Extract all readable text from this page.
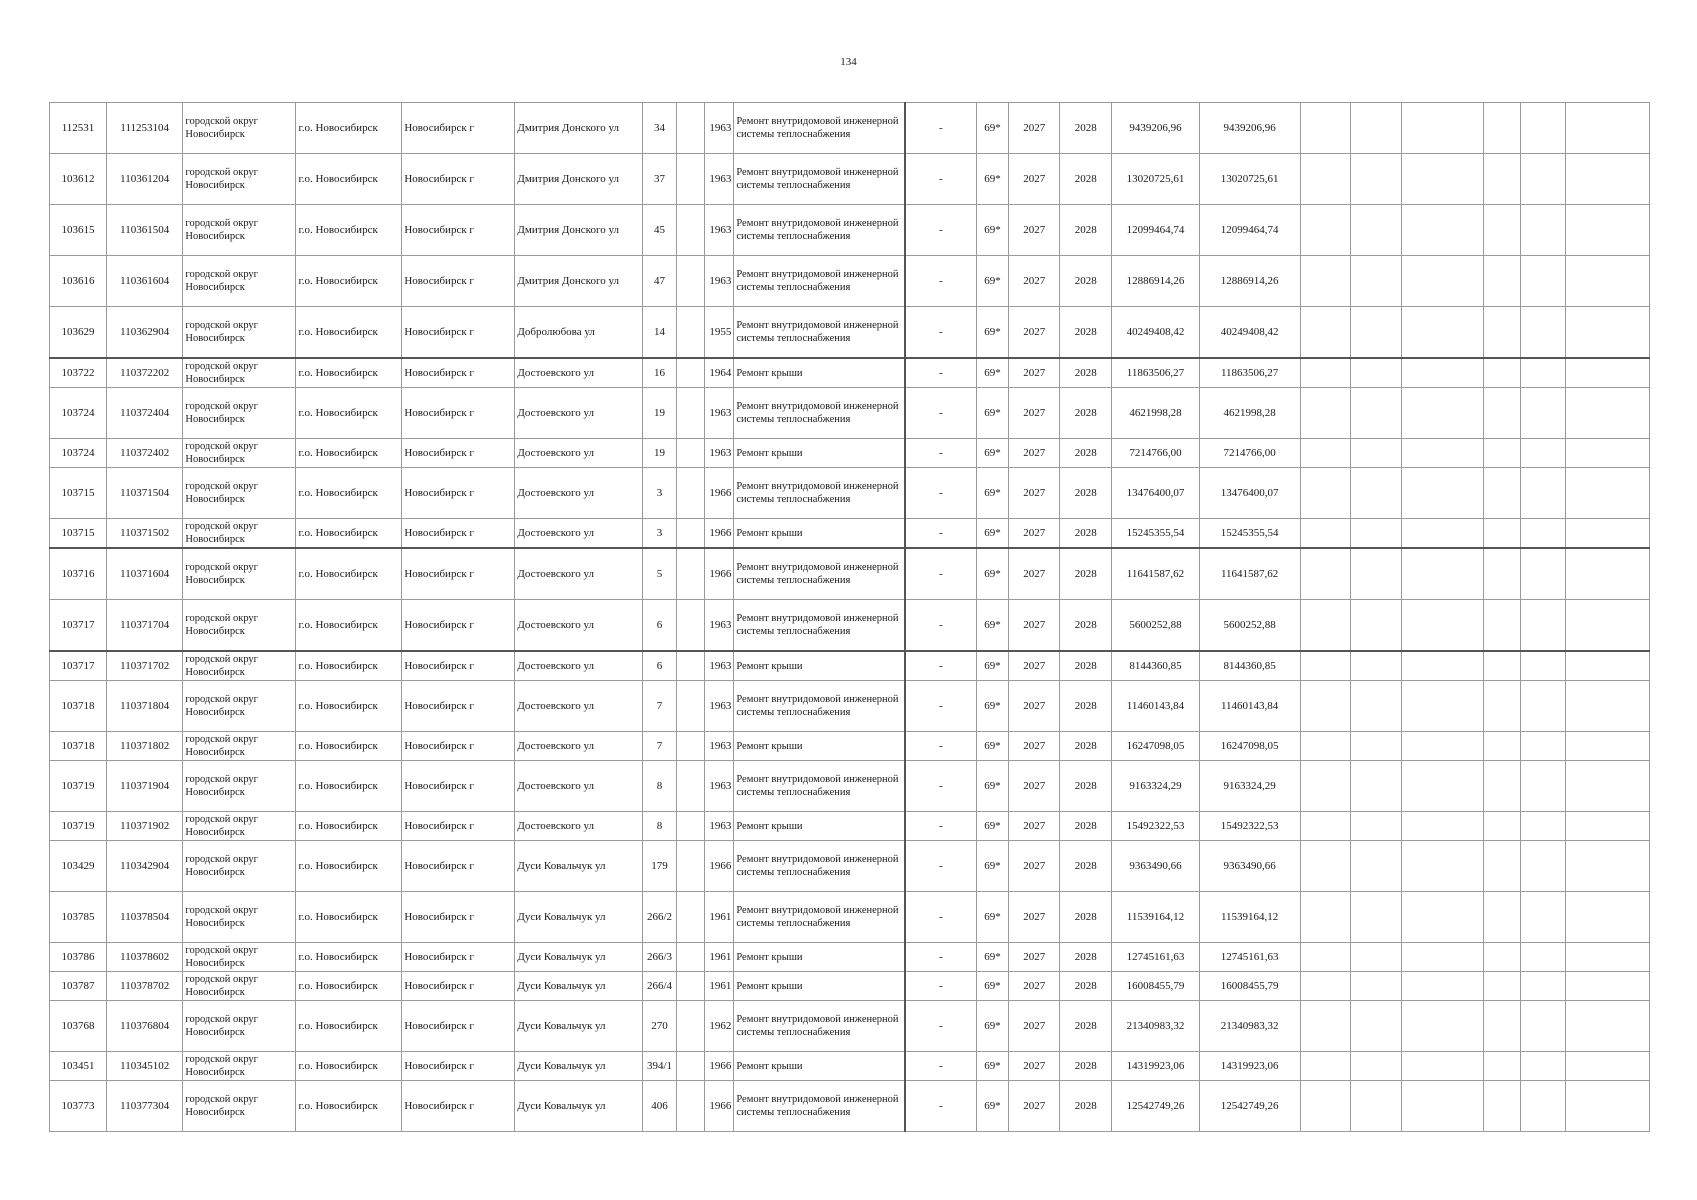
134
112531	111253104	городской округ Новосибирск	г.о. Новосибирск	Новосибирск г	Дмитрия Донского ул	34		1963	Ремонт внутридомовой инженерной системы теплоснабжения	-	69*	2027	2028	9439206,96	9439206,96						
103612	110361204	городской округ Новосибирск	г.о. Новосибирск	Новосибирск г	Дмитрия Донского ул	37		1963	Ремонт внутридомовой инженерной системы теплоснабжения	-	69*	2027	2028	13020725,61	13020725,61						
103615	110361504	городской округ Новосибирск	г.о. Новосибирск	Новосибирск г	Дмитрия Донского ул	45		1963	Ремонт внутридомовой инженерной системы теплоснабжения	-	69*	2027	2028	12099464,74	12099464,74						
103616	110361604	городской округ Новосибирск	г.о. Новосибирск	Новосибирск г	Дмитрия Донского ул	47		1963	Ремонт внутридомовой инженерной системы теплоснабжения	-	69*	2027	2028	12886914,26	12886914,26						
103629	110362904	городской округ Новосибирск	г.о. Новосибирск	Новосибирск г	Добролюбова ул	14		1955	Ремонт внутридомовой инженерной системы теплоснабжения	-	69*	2027	2028	40249408,42	40249408,42						
103722	110372202	городской округ Новосибирск	г.о. Новосибирск	Новосибирск г	Достоевского ул	16		1964	Ремонт крыши	-	69*	2027	2028	11863506,27	11863506,27						
103724	110372404	городской округ Новосибирск	г.о. Новосибирск	Новосибирск г	Достоевского ул	19		1963	Ремонт внутридомовой инженерной системы теплоснабжения	-	69*	2027	2028	4621998,28	4621998,28						
103724	110372402	городской округ Новосибирск	г.о. Новосибирск	Новосибирск г	Достоевского ул	19		1963	Ремонт крыши	-	69*	2027	2028	7214766,00	7214766,00						
103715	110371504	городской округ Новосибирск	г.о. Новосибирск	Новосибирск г	Достоевского ул	3		1966	Ремонт внутридомовой инженерной системы теплоснабжения	-	69*	2027	2028	13476400,07	13476400,07						
103715	110371502	городской округ Новосибирск	г.о. Новосибирск	Новосибирск г	Достоевского ул	3		1966	Ремонт крыши	-	69*	2027	2028	15245355,54	15245355,54						
103716	110371604	городской округ Новосибирск	г.о. Новосибирск	Новосибирск г	Достоевского ул	5		1966	Ремонт внутридомовой инженерной системы теплоснабжения	-	69*	2027	2028	11641587,62	11641587,62						
103717	110371704	городской округ Новосибирск	г.о. Новосибирск	Новосибирск г	Достоевского ул	6		1963	Ремонт внутридомовой инженерной системы теплоснабжения	-	69*	2027	2028	5600252,88	5600252,88						
103717	110371702	городской округ Новосибирск	г.о. Новосибирск	Новосибирск г	Достоевского ул	6		1963	Ремонт крыши	-	69*	2027	2028	8144360,85	8144360,85						
103718	110371804	городской округ Новосибирск	г.о. Новосибирск	Новосибирск г	Достоевского ул	7		1963	Ремонт внутридомовой инженерной системы теплоснабжения	-	69*	2027	2028	11460143,84	11460143,84						
103718	110371802	городской округ Новосибирск	г.о. Новосибирск	Новосибирск г	Достоевского ул	7		1963	Ремонт крыши	-	69*	2027	2028	16247098,05	16247098,05						
103719	110371904	городской округ Новосибирск	г.о. Новосибирск	Новосибирск г	Достоевского ул	8		1963	Ремонт внутридомовой инженерной системы теплоснабжения	-	69*	2027	2028	9163324,29	9163324,29						
103719	110371902	городской округ Новосибирск	г.о. Новосибирск	Новосибирск г	Достоевского ул	8		1963	Ремонт крыши	-	69*	2027	2028	15492322,53	15492322,53						
103429	110342904	городской округ Новосибирск	г.о. Новосибирск	Новосибирск г	Дуси Ковальчук ул	179		1966	Ремонт внутридомовой инженерной системы теплоснабжения	-	69*	2027	2028	9363490,66	9363490,66						
103785	110378504	городской округ Новосибирск	г.о. Новосибирск	Новосибирск г	Дуси Ковальчук ул	266/2		1961	Ремонт внутридомовой инженерной системы теплоснабжения	-	69*	2027	2028	11539164,12	11539164,12						
103786	110378602	городской округ Новосибирск	г.о. Новосибирск	Новосибирск г	Дуси Ковальчук ул	266/3		1961	Ремонт крыши	-	69*	2027	2028	12745161,63	12745161,63						
103787	110378702	городской округ Новосибирск	г.о. Новосибирск	Новосибирск г	Дуси Ковальчук ул	266/4		1961	Ремонт крыши	-	69*	2027	2028	16008455,79	16008455,79						
103768	110376804	городской округ Новосибирск	г.о. Новосибирск	Новосибирск г	Дуси Ковальчук ул	270		1962	Ремонт внутридомовой инженерной системы теплоснабжения	-	69*	2027	2028	21340983,32	21340983,32						
103451	110345102	городской округ Новосибирск	г.о. Новосибирск	Новосибирск г	Дуси Ковальчук ул	394/1		1966	Ремонт крыши	-	69*	2027	2028	14319923,06	14319923,06						
103773	110377304	городской округ Новосибирск	г.о. Новосибирск	Новосибирск г	Дуси Ковальчук ул	406		1966	Ремонт внутридомовой инженерной системы теплоснабжения	-	69*	2027	2028	12542749,26	12542749,26						
